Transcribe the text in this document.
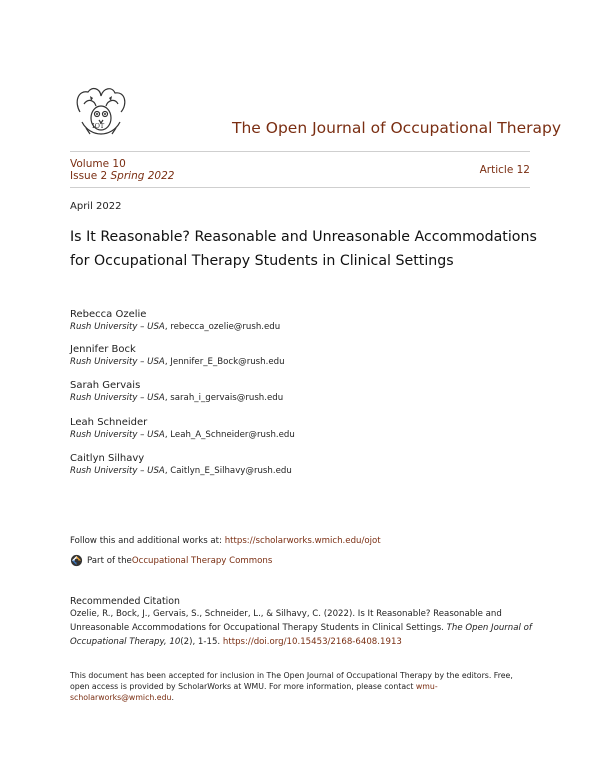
IOT	The Open Journal of Occupational Therapy
Volume 10
Issue 2 Spring 2022	Article 12
April 2022
Is It Reasonable? Reasonable and Unreasonable Accommodations for Occupational Therapy Students in Clinical Settings
Rebecca Ozelie
Rush University – USA, rebecca_ozelie@rush.edu
Jennifer Bock
Rush University – USA, Jennifer_E_Bock@rush.edu
Sarah Gervais
Rush University – USA, sarah_i_gervais@rush.edu
Leah Schneider
Rush University – USA, Leah_A_Schneider@rush.edu
Caitlyn Silhavy
Rush University – USA, Caitlyn_E_Silhavy@rush.edu
Follow this and additional works at: https://scholarworks.wmich.edu/ojot
Part of the Occupational Therapy Commons
Recommended Citation
Ozelie, R., Bock, J., Gervais, S., Schneider, L., & Silhavy, C. (2022). Is It Reasonable? Reasonable and Unreasonable Accommodations for Occupational Therapy Students in Clinical Settings. The Open Journal of Occupational Therapy, 10(2), 1-15. https://doi.org/10.15453/2168-6408.1913
This document has been accepted for inclusion in The Open Journal of Occupational Therapy by the editors. Free, open access is provided by ScholarWorks at WMU. For more information, please contact wmu-scholarworks@wmich.edu.
